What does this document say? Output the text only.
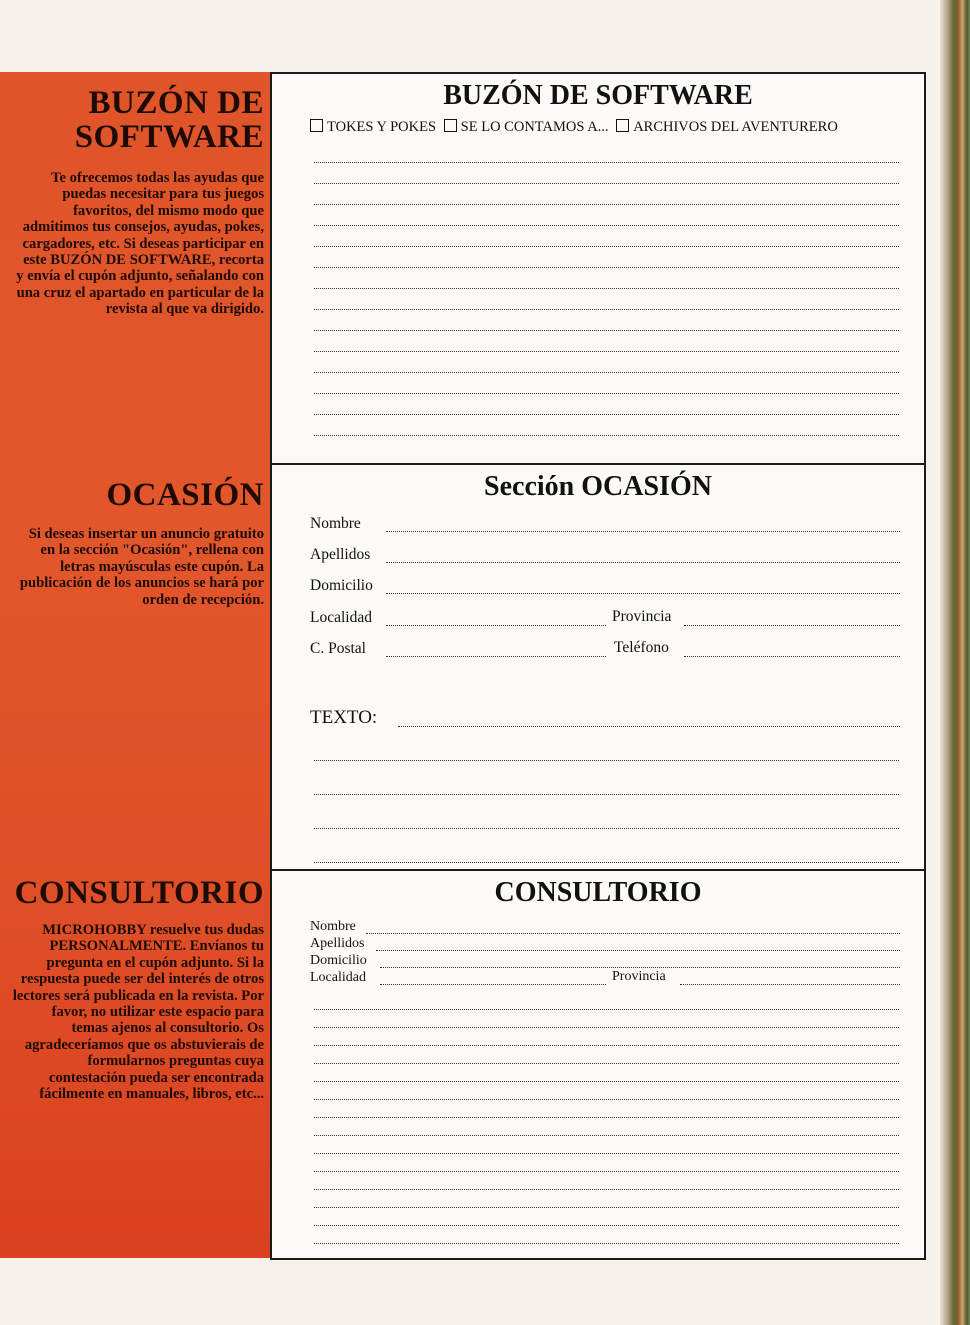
BUZÓN DE

SOFTWARE

Te ofrecemos todas las ayudas que puedas necesitar para tus juegos favoritos, del mismo modo que admitimos tus consejos, ayudas, pokes, cargadores, etc. Si deseas participar en este BUZÓN DE SOFTWARE, recorta y envía el cupón adjunto, señalando con una cruz el apartado en particular de la revista al que va dirigido.

OCASIÓN

Si deseas insertar un anuncio gratuito en la sección "Ocasión", rellena con letras mayúsculas este cupón. La publicación de los anuncios se hará por orden de recepción.

CONSULTORIO

MICROHOBBY resuelve tus dudas PERSONALMENTE. Envíanos tu pregunta en el cupón adjunto. Si la respuesta puede ser del interés de otros lectores será publicada en la revista. Por favor, no utilizar este espacio para temas ajenos al consultorio. Os agradeceríamos que os abstuvierais de formularnos preguntas cuya contestación pueda ser encontrada fácilmente en manuales, libros, etc...

BUZÓN DE SOFTWARE

TOKES Y POKES SE LO CONTAMOS A... ARCHIVOS DEL AVENTURERO

Sección OCASIÓN

Nombre
Apellidos
Domicilio
Localidad	Provincia
C. Postal	Teléfono
TEXTO:

CONSULTORIO

Nombre
Apellidos
Domicilio
Localidad	Provincia
